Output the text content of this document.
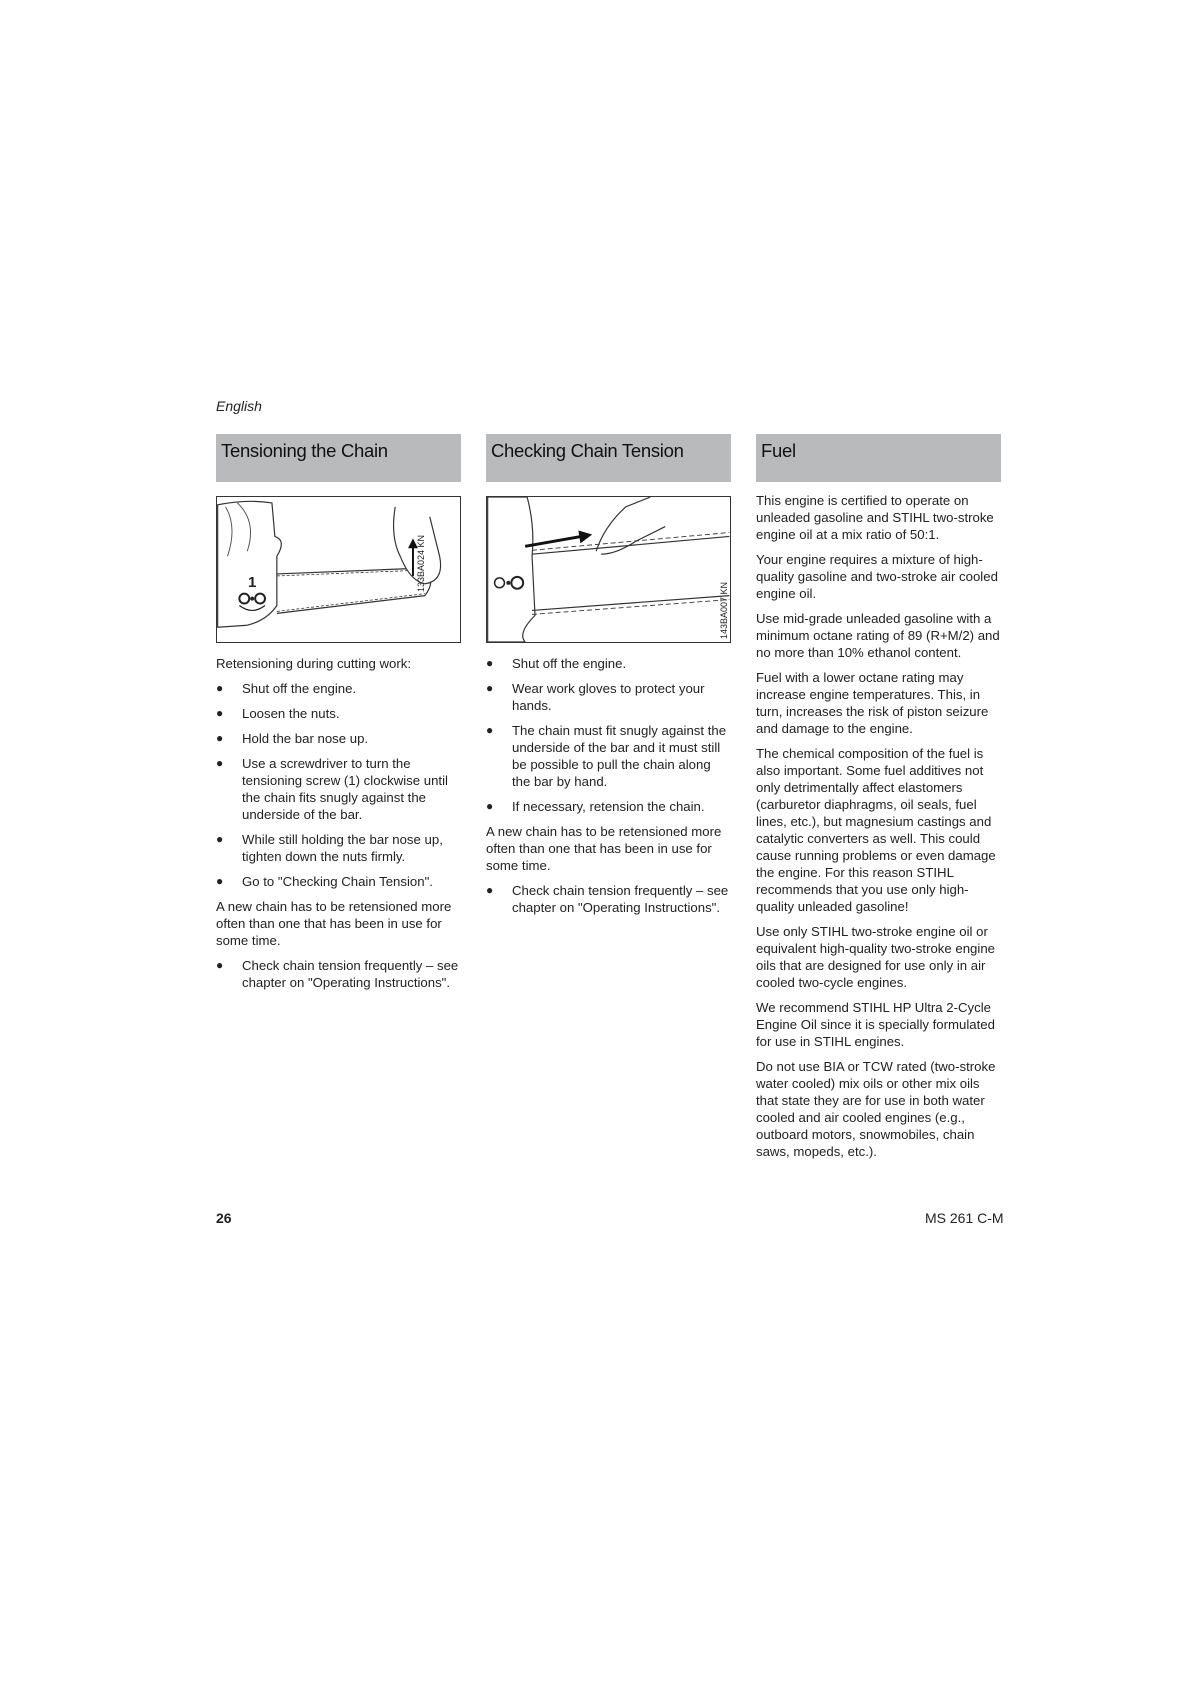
English
Tensioning the Chain
1	133BA024 KN

Retensioning during cutting work:

● Shut off the engine.
● Loosen the nuts.
● Hold the bar nose up.
● Use a screwdriver to turn the tensioning screw (1) clockwise until the chain fits snugly against the underside of the bar.
● While still holding the bar nose up, tighten down the nuts firmly.
● Go to "Checking Chain Tension".

A new chain has to be retensioned more often than one that has been in use for some time.

● Check chain tension frequently – see chapter on "Operating Instructions".
Checking Chain Tension
143BA007 KN
● Shut off the engine.
● Wear work gloves to protect your hands.
● The chain must fit snugly against the underside of the bar and it must still be possible to pull the chain along the bar by hand.
● If necessary, retension the chain.

A new chain has to be retensioned more often than one that has been in use for some time.

● Check chain tension frequently – see chapter on "Operating Instructions".
Fuel

This engine is certified to operate on unleaded gasoline and STIHL two-stroke engine oil at a mix ratio of 50:1.

Your engine requires a mixture of high-quality gasoline and two-stroke air cooled engine oil.

Use mid-grade unleaded gasoline with a minimum octane rating of 89 (R+M/2) and no more than 10% ethanol content.

Fuel with a lower octane rating may increase engine temperatures. This, in turn, increases the risk of piston seizure and damage to the engine.

The chemical composition of the fuel is also important. Some fuel additives not only detrimentally affect elastomers (carburetor diaphragms, oil seals, fuel lines, etc.), but magnesium castings and catalytic converters as well. This could cause running problems or even damage the engine. For this reason STIHL recommends that you use only high-quality unleaded gasoline!

Use only STIHL two-stroke engine oil or equivalent high-quality two-stroke engine oils that are designed for use only in air cooled two-cycle engines.

We recommend STIHL HP Ultra 2-Cycle Engine Oil since it is specially formulated for use in STIHL engines.

Do not use BIA or TCW rated (two-stroke water cooled) mix oils or other mix oils that state they are for use in both water cooled and air cooled engines (e.g., outboard motors, snowmobiles, chain saws, mopeds, etc.).

26	MS 261 C-M
